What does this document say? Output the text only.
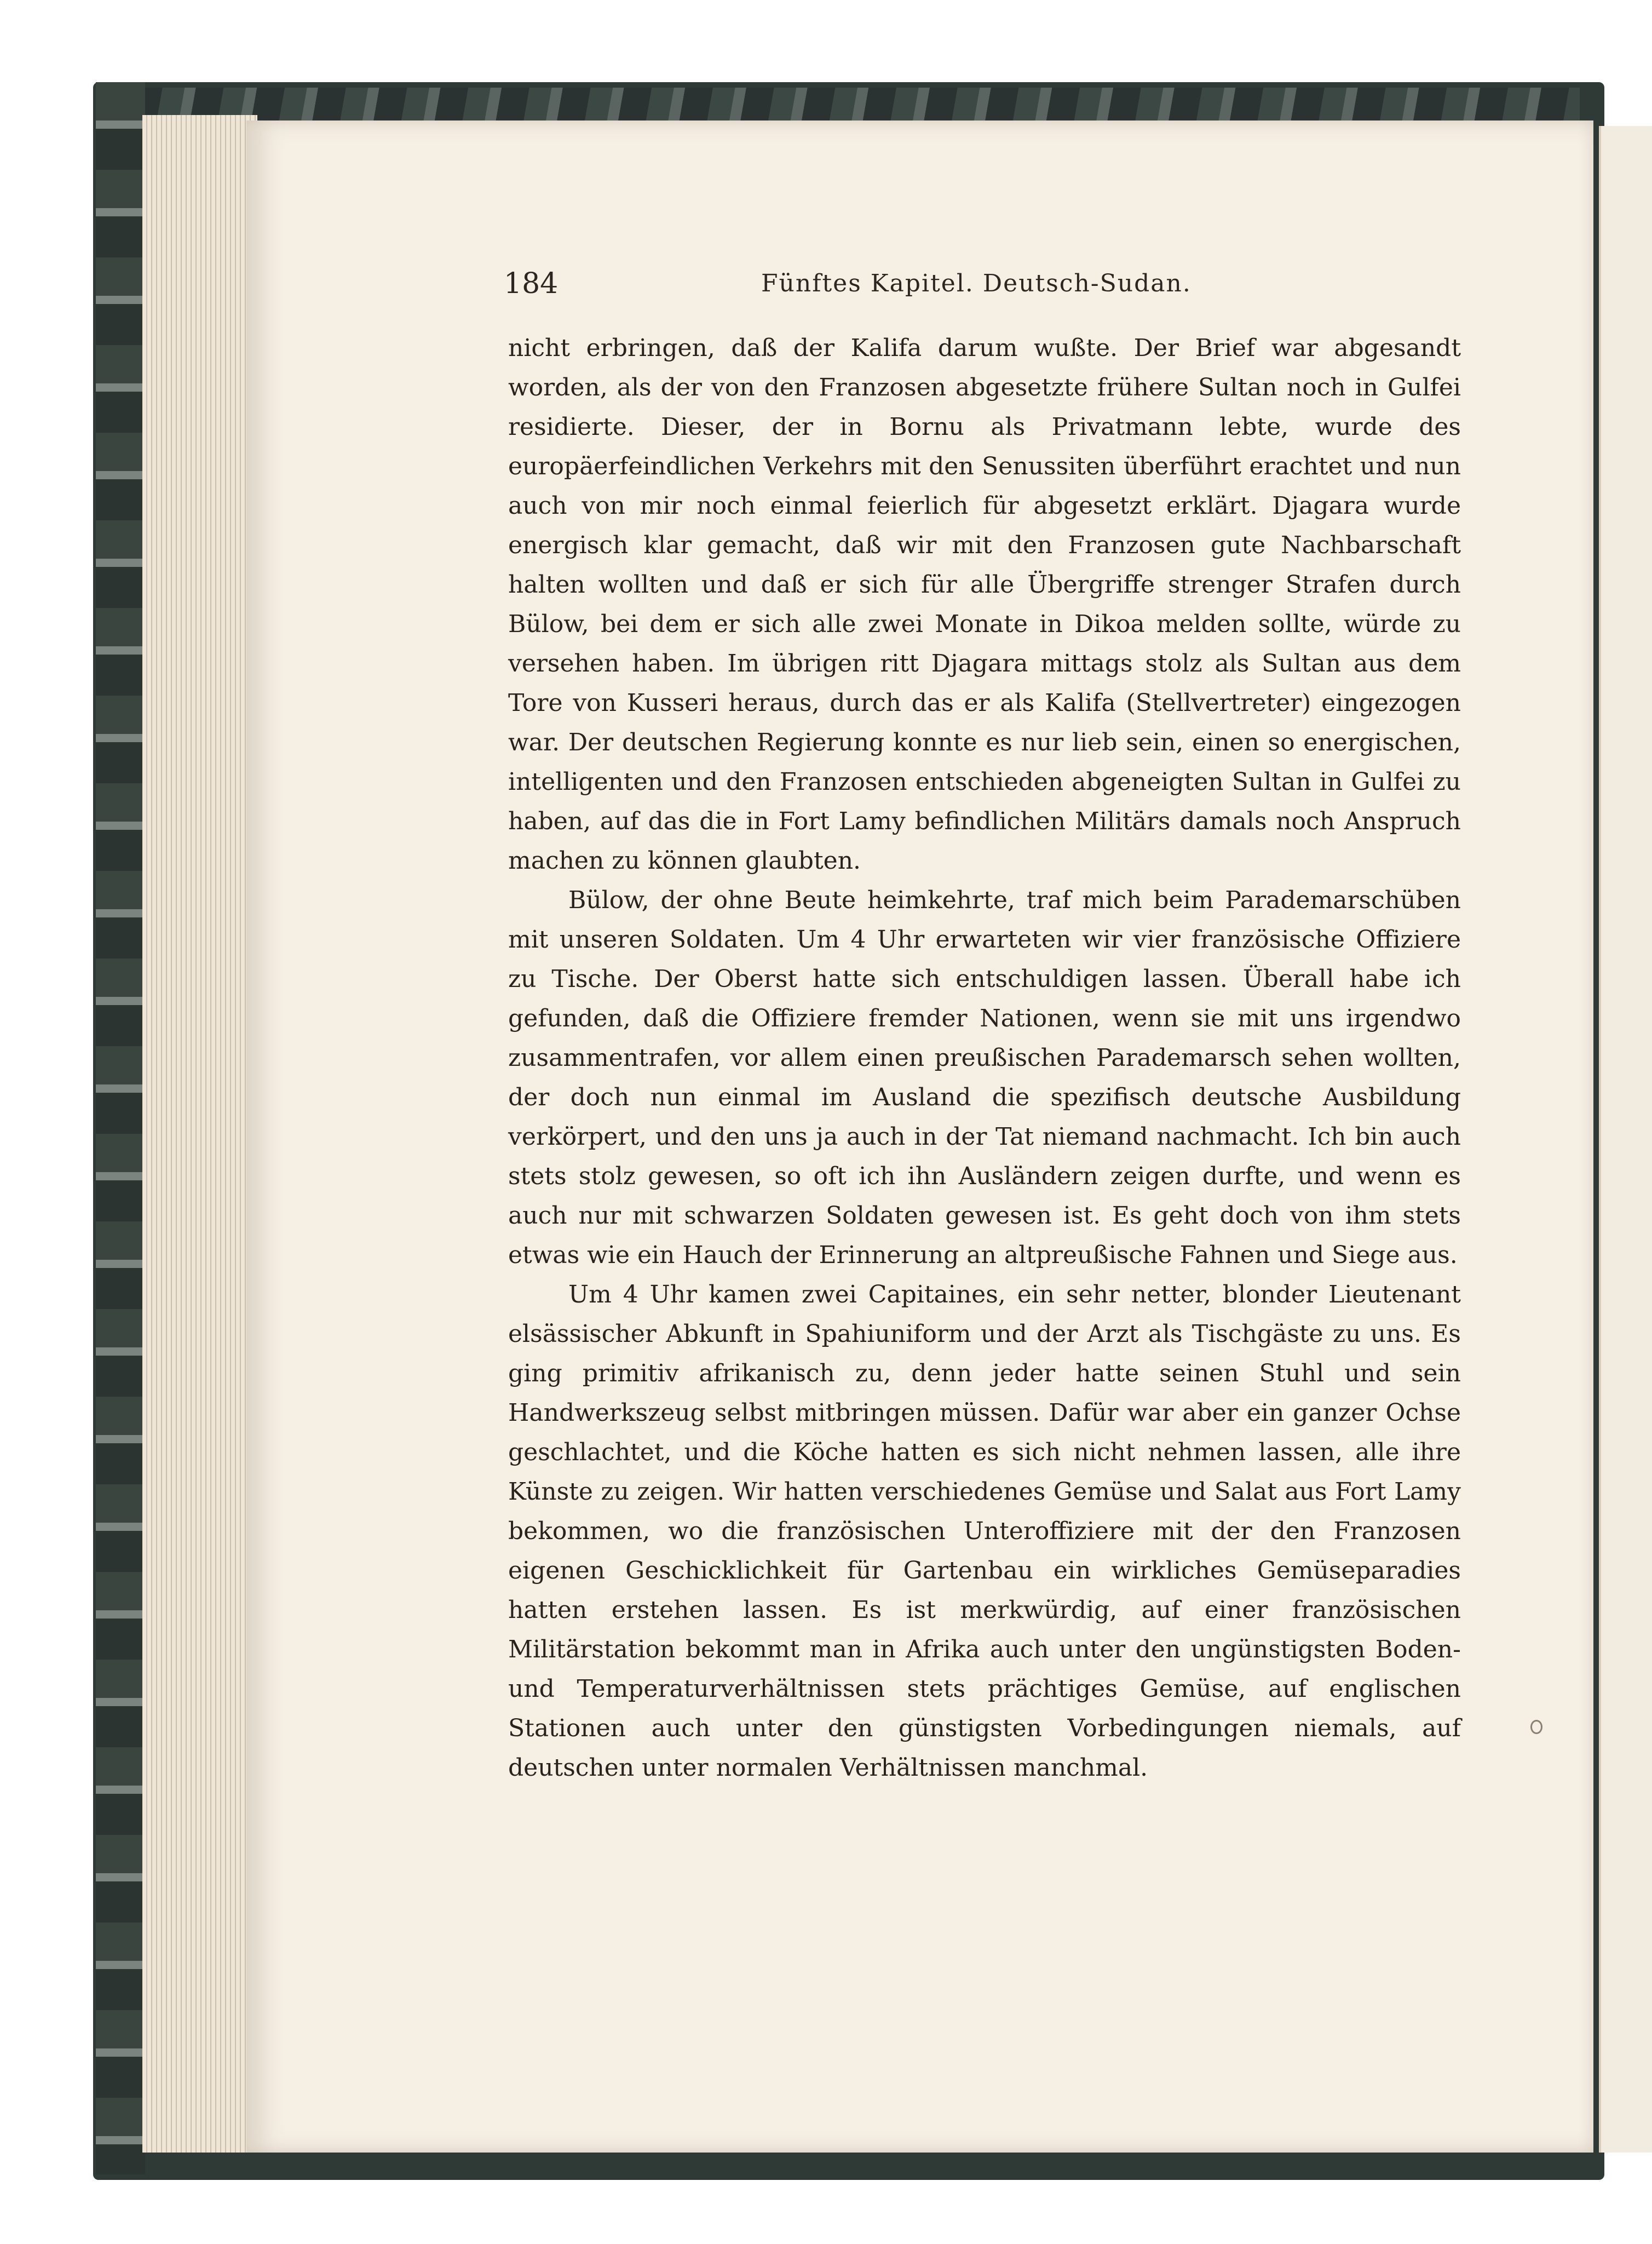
184	Fünftes Kapitel. Deutsch-Sudan.

nicht erbringen, daß der Kalifa darum wußte. Der Brief war abgesandt worden, als der von den Franzosen abgesetzte frühere Sultan noch in Gulfei residierte. Dieser, der in Bornu als Privatmann lebte, wurde des europäerfeindlichen Verkehrs mit den Senussiten überführt erachtet und nun auch von mir noch einmal feierlich für abgesetzt erklärt. Djagara wurde energisch klar gemacht, daß wir mit den Franzosen gute Nachbarschaft halten wollten und daß er sich für alle Übergriffe strenger Strafen durch Bülow, bei dem er sich alle zwei Monate in Dikoa melden sollte, würde zu versehen haben. Im übrigen ritt Djagara mittags stolz als Sultan aus dem Tore von Kusseri heraus, durch das er als Kalifa (Stellvertreter) eingezogen war. Der deutschen Regierung konnte es nur lieb sein, einen so energischen, intelligenten und den Franzosen entschieden abgeneigten Sultan in Gulfei zu haben, auf das die in Fort Lamy befindlichen Militärs damals noch Anspruch machen zu können glaubten.

Bülow, der ohne Beute heimkehrte, traf mich beim Parademarschüben mit unseren Soldaten. Um 4 Uhr erwarteten wir vier französische Offiziere zu Tische. Der Oberst hatte sich entschuldigen lassen. Überall habe ich gefunden, daß die Offiziere fremder Nationen, wenn sie mit uns irgendwo zusammentrafen, vor allem einen preußischen Parademarsch sehen wollten, der doch nun einmal im Ausland die spezifisch deutsche Ausbildung verkörpert, und den uns ja auch in der Tat niemand nachmacht. Ich bin auch stets stolz gewesen, so oft ich ihn Ausländern zeigen durfte, und wenn es auch nur mit schwarzen Soldaten gewesen ist. Es geht doch von ihm stets etwas wie ein Hauch der Erinnerung an altpreußische Fahnen und Siege aus.

Um 4 Uhr kamen zwei Capitaines, ein sehr netter, blonder Lieutenant elsässischer Abkunft in Spahiuniform und der Arzt als Tischgäste zu uns. Es ging primitiv afrikanisch zu, denn jeder hatte seinen Stuhl und sein Handwerkszeug selbst mitbringen müssen. Dafür war aber ein ganzer Ochse geschlachtet, und die Köche hatten es sich nicht nehmen lassen, alle ihre Künste zu zeigen. Wir hatten verschiedenes Gemüse und Salat aus Fort Lamy bekommen, wo die französischen Unteroffiziere mit der den Franzosen eigenen Geschicklichkeit für Gartenbau ein wirkliches Gemüseparadies hatten erstehen lassen. Es ist merkwürdig, auf einer französischen Militärstation bekommt man in Afrika auch unter den ungünstigsten Boden- und Temperaturverhältnissen stets prächtiges Gemüse, auf englischen Stationen auch unter den günstigsten Vorbedingungen niemals, auf deutschen unter normalen Verhältnissen manchmal.
